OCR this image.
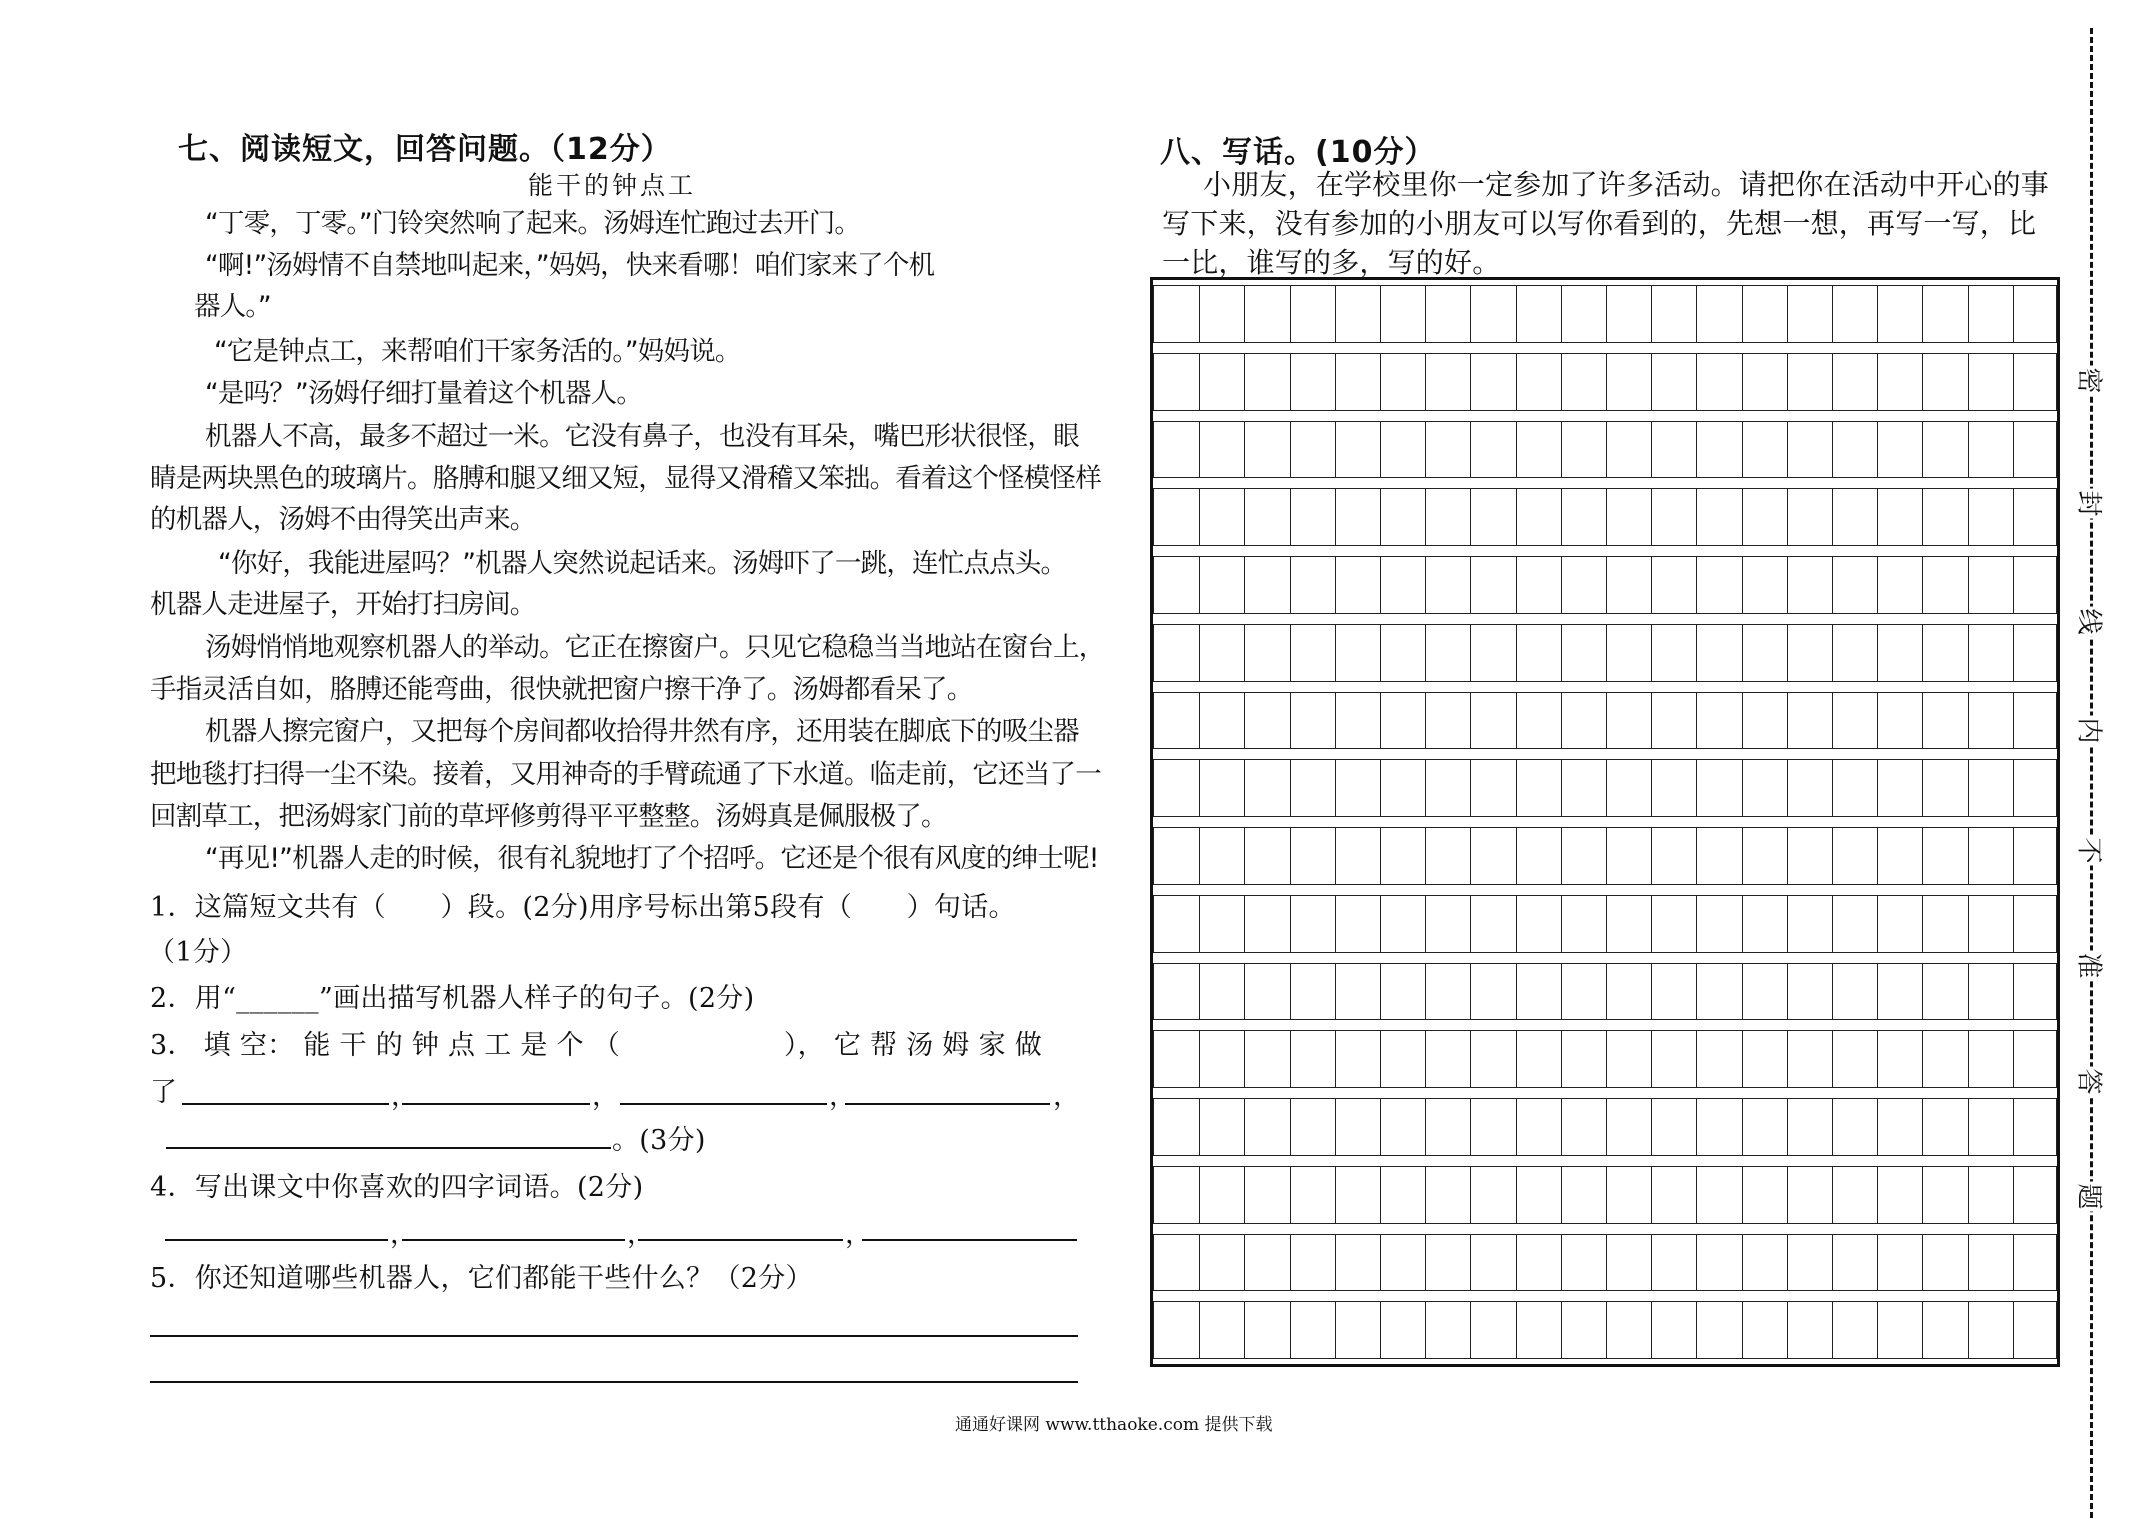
七、阅读短文，回答问题。（12分）
能干的钟点工
“丁零，丁零。”门铃突然响了起来。汤姆连忙跑过去开门。
“啊!”汤姆情不自禁地叫起来，”妈妈，快来看哪！咱们家来了个机
器人。”
“它是钟点工，来帮咱们干家务活的。”妈妈说。
“是吗？”汤姆仔细打量着这个机器人。
机器人不高，最多不超过一米。它没有鼻子，也没有耳朵，嘴巴形状很怪，眼
睛是两块黑色的玻璃片。胳膊和腿又细又短，显得又滑稽又笨拙。看着这个怪模怪样
的机器人，汤姆不由得笑出声来。
“你好，我能进屋吗？”机器人突然说起话来。汤姆吓了一跳，连忙点点头。
机器人走进屋子，开始打扫房间。
汤姆悄悄地观察机器人的举动。它正在擦窗户。只见它稳稳当当地站在窗台上，
手指灵活自如，胳膊还能弯曲，很快就把窗户擦干净了。汤姆都看呆了。
机器人擦完窗户，又把每个房间都收拾得井然有序，还用装在脚底下的吸尘器
把地毯打扫得一尘不染。接着，又用神奇的手臂疏通了下水道。临走前，它还当了一
回割草工，把汤姆家门前的草坪修剪得平平整整。汤姆真是佩服极了。
“再见!”机器人走的时候，很有礼貌地打了个招呼。它还是个很有风度的绅士呢!
1．这篇短文共有（　　）段。(2分)用序号标出第5段有（　　）句话。
（1分）
2．用“______”画出描写机器人样子的句子。(2分)
3． 填 空： 能 干 的 钟 点 工 是 个 （　　　　　　）， 它 帮 汤 姆 家 做
了	，	，	，	，
。(3分)
4．写出课文中你喜欢的四字词语。(2分)
，	，	，
5．你还知道哪些机器人，它们都能干些什么？（2分）
八、写话。(10分）
小朋友，在学校里你一定参加了许多活动。请把你在活动中开心的事
写下来，没有参加的小朋友可以写你看到的，先想一想，再写一写，比
一比，谁写的多，写的好。
密
封
线
内
不
准
答
题
通通好课网 www.tthaoke.com 提供下载
